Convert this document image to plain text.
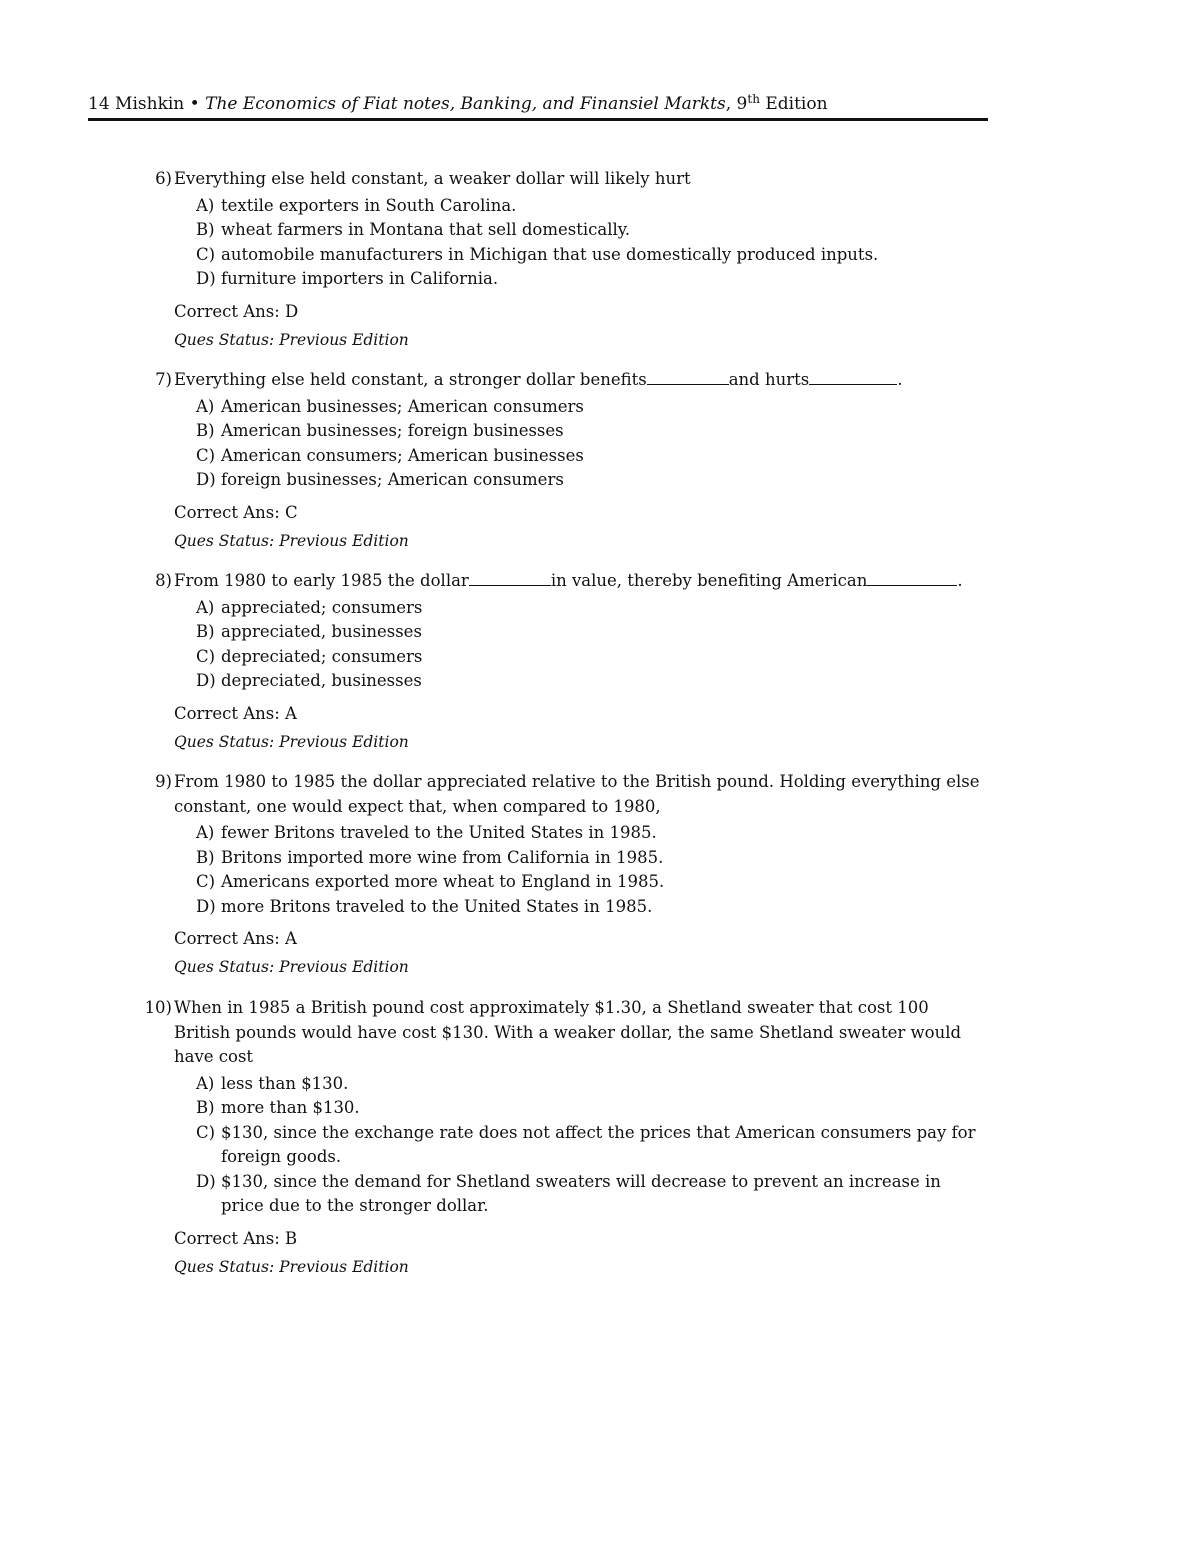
14 Mishkin • The Economics of Fiat notes, Banking, and Finansiel Markts, 9th Edition
6) Everything else held constant, a weaker dollar will likely hurt
A) textile exporters in South Carolina.
B) wheat farmers in Montana that sell domestically.
C) automobile manufacturers in Michigan that use domestically produced inputs.
D) furniture importers in California.
Correct Ans: D
Ques Status: Previous Edition
7) Everything else held constant, a stronger dollar benefits	and hurts	.
A) American businesses; American consumers
B) American businesses; foreign businesses
C) American consumers; American businesses
D) foreign businesses; American consumers
Correct Ans: C
Ques Status: Previous Edition
8) From 1980 to early 1985 the dollar	in value, thereby benefiting American	.
A) appreciated; consumers
B) appreciated, businesses
C) depreciated; consumers
D) depreciated, businesses
Correct Ans: A
Ques Status: Previous Edition
9) From 1980 to 1985 the dollar appreciated relative to the British pound. Holding everything else constant, one would expect that, when compared to 1980,
A) fewer Britons traveled to the United States in 1985.
B) Britons imported more wine from California in 1985.
C) Americans exported more wheat to England in 1985.
D) more Britons traveled to the United States in 1985.
Correct Ans: A
Ques Status: Previous Edition
10) When in 1985 a British pound cost approximately $1.30, a Shetland sweater that cost 100 British pounds would have cost $130. With a weaker dollar, the same Shetland sweater would have cost
A) less than $130.
B) more than $130.
C) $130, since the exchange rate does not affect the prices that American consumers pay for foreign goods.
D) $130, since the demand for Shetland sweaters will decrease to prevent an increase in price due to the stronger dollar.
Correct Ans: B
Ques Status: Previous Edition
